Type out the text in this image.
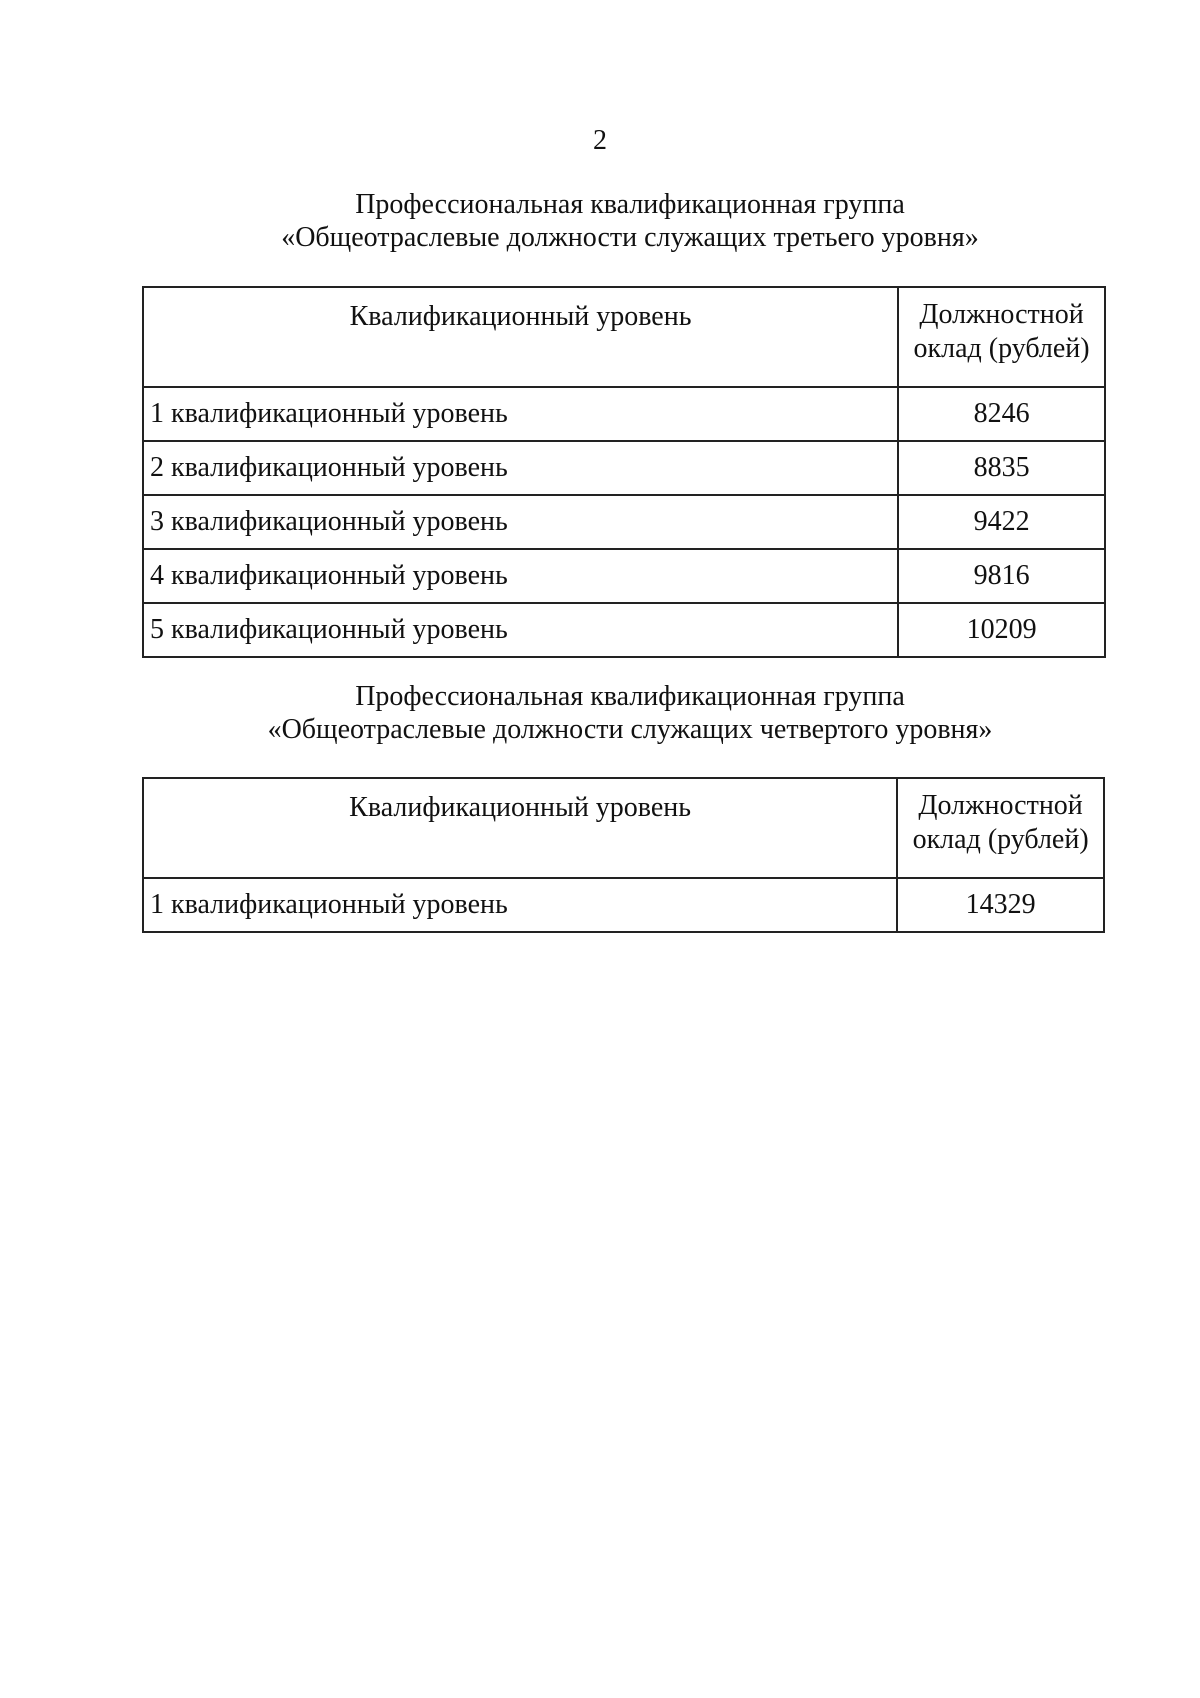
2
Профессиональная квалификационная группа
«Общеотраслевые должности служащих третьего уровня»
Квалификационный уровень	Должностной
оклад (рублей)

1 квалификационный уровень	8246
2 квалификационный уровень	8835
3 квалификационный уровень	9422
4 квалификационный уровень	9816
5 квалификационный уровень	10209
Профессиональная квалификационная группа
«Общеотраслевые должности служащих четвертого уровня»
Квалификационный уровень	Должностной
оклад (рублей)

1 квалификационный уровень	14329
